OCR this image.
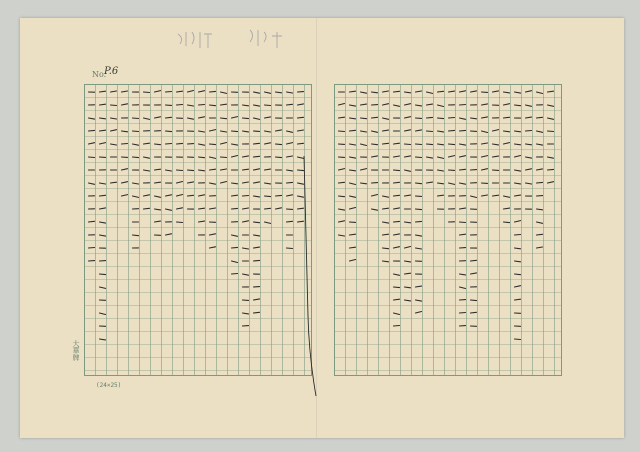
No.
P.6
(24×25)
大華牌
